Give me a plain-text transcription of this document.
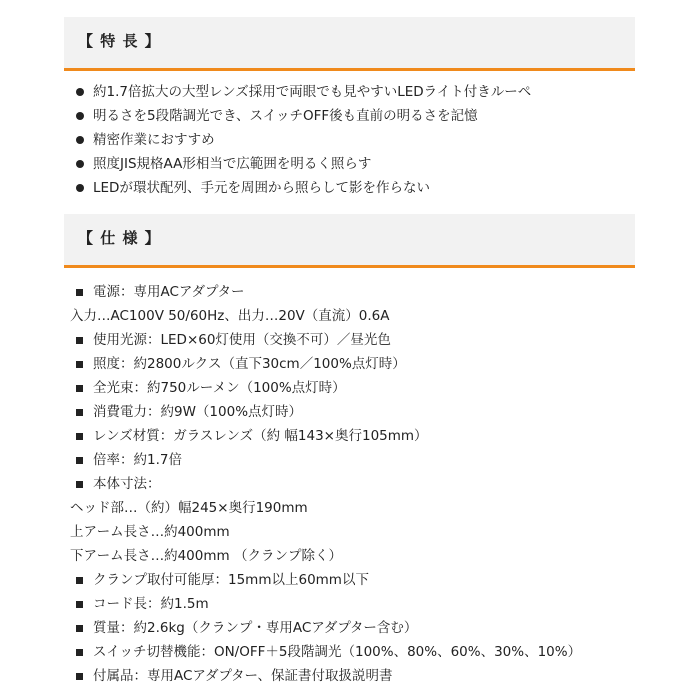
【 特 長 】
約1.7倍拡大の大型レンズ採用で両眼でも見やすいLEDライト付きルーペ
明るさを5段階調光でき、スイッチOFF後も直前の明るさを記憶
精密作業におすすめ
照度JIS規格AA形相当で広範囲を明るく照らす
LEDが環状配列、手元を周囲から照らして影を作らない
【 仕 様 】
電源：専用ACアダプター
入力…AC100V 50/60Hz、出力…20V（直流）0.6A
使用光源：LED×60灯使用（交換不可）／昼光色
照度：約2800ルクス（直下30cm／100%点灯時）
全光束：約750ルーメン（100%点灯時）
消費電力：約9W（100%点灯時）
レンズ材質：ガラスレンズ（約 幅143×奥行105mm）
倍率：約1.7倍
本体寸法：
ヘッド部…（約）幅245×奥行190mm
上アーム長さ…約400mm
下アーム長さ…約400mm （クランプ除く）
クランプ取付可能厚：15mm以上60mm以下
コード長：約1.5m
質量：約2.6kg（クランプ・専用ACアダプター含む）
スイッチ切替機能：ON/OFF＋5段階調光（100%、80%、60%、30%、10%）
付属品：専用ACアダプター、保証書付取扱説明書
